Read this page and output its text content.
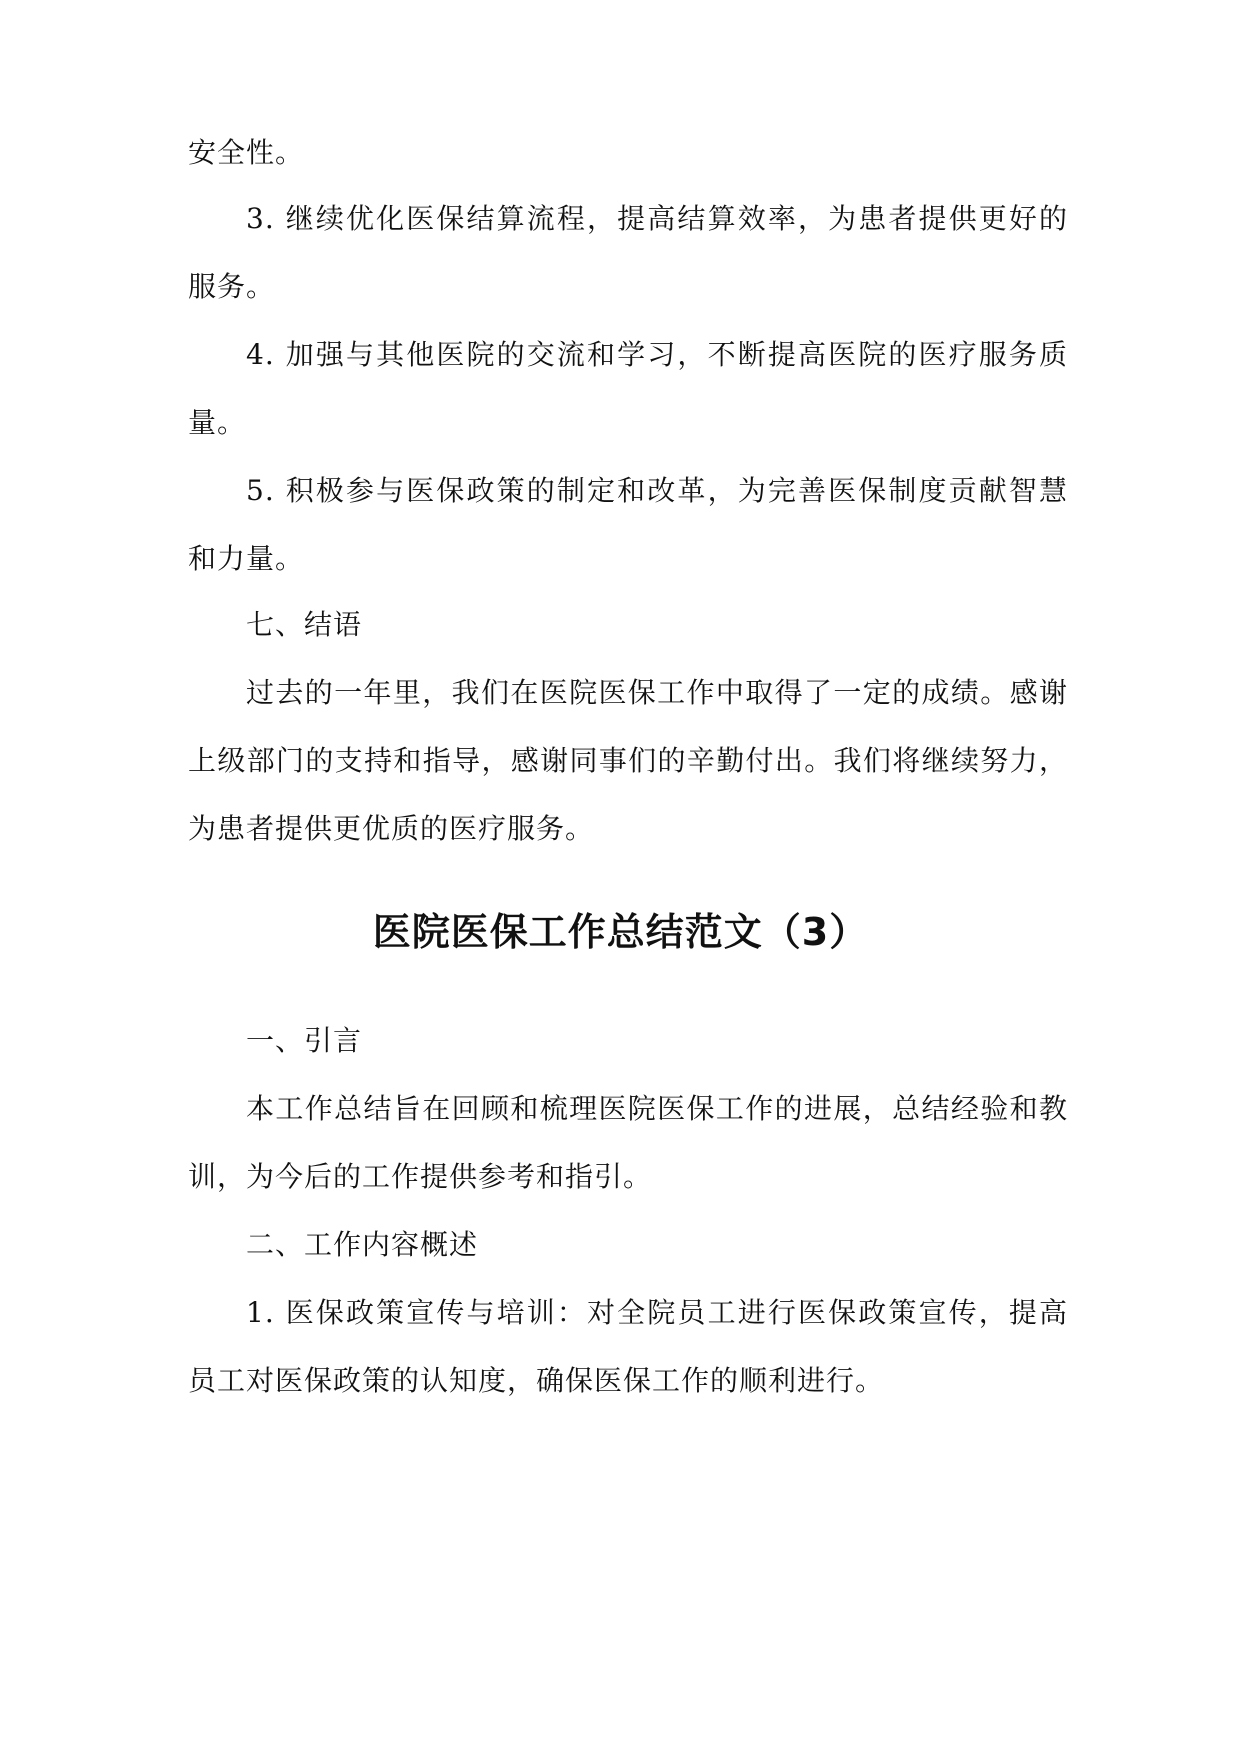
安全性。
3. 继续优化医保结算流程，提高结算效率，为患者提供更好的
服务。
4. 加强与其他医院的交流和学习，不断提高医院的医疗服务质
量。
5. 积极参与医保政策的制定和改革，为完善医保制度贡献智慧
和力量。
七、结语
过去的一年里，我们在医院医保工作中取得了一定的成绩。感谢
上级部门的支持和指导，感谢同事们的辛勤付出。我们将继续努力，
为患者提供更优质的医疗服务。
医院医保工作总结范文（3）
一、引言
本工作总结旨在回顾和梳理医院医保工作的进展，总结经验和教
训，为今后的工作提供参考和指引。
二、工作内容概述
1. 医保政策宣传与培训：对全院员工进行医保政策宣传，提高
员工对医保政策的认知度，确保医保工作的顺利进行。
